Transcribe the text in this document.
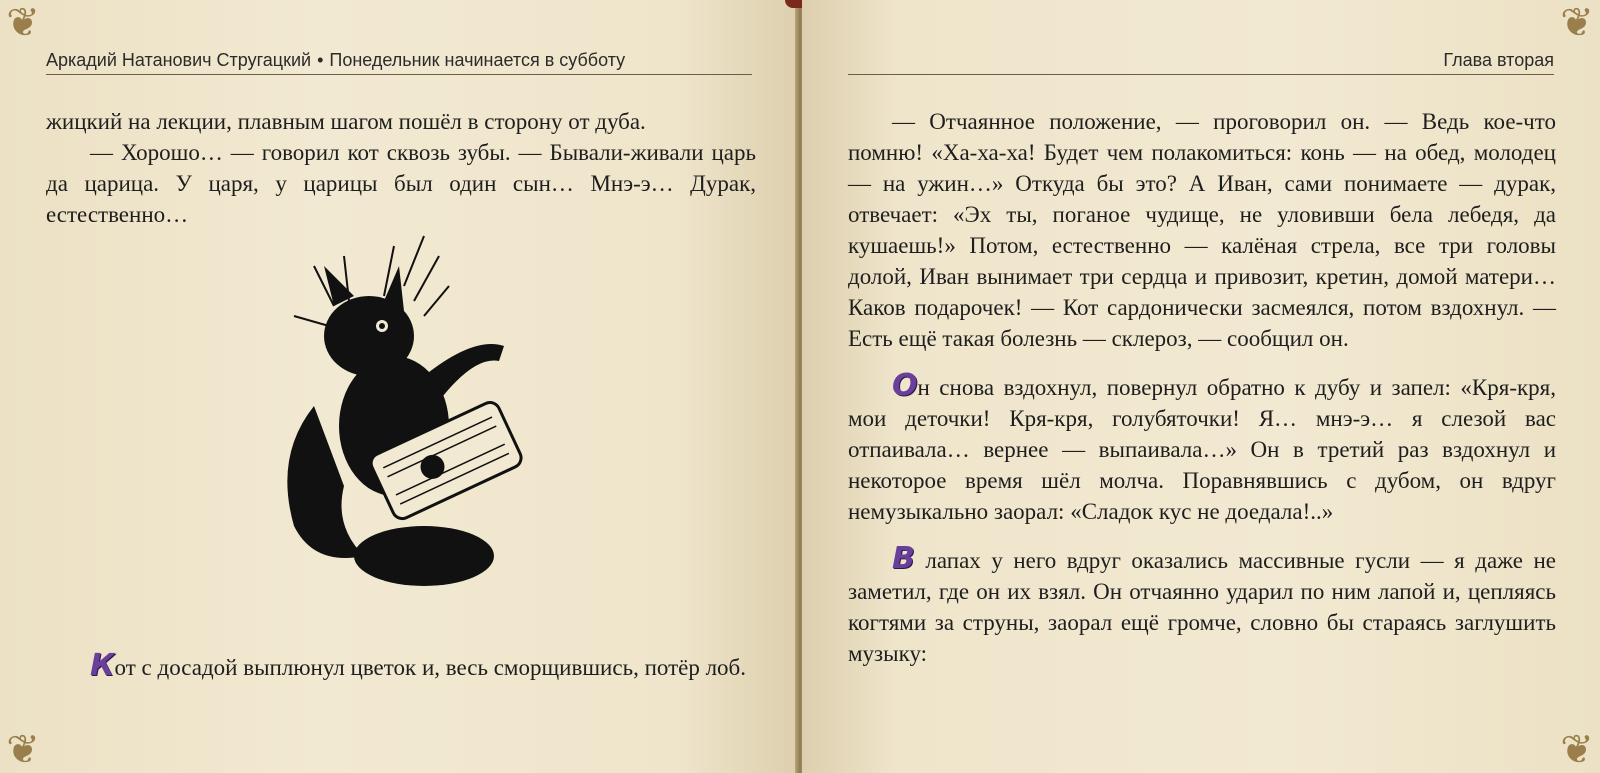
❦
❦
Аркадий Натанович Стругацкий • Понедельник начинается в субботу

жицкий на лекции, плавным шагом пошёл в сторону от дуба.

— Хорошо… — говорил кот сквозь зубы. — Бывали-живали царь да царица. У царя, у царицы был один сын… Мнэ-э… Дурак, естественно…

Кот с досадой выплюнул цветок и, весь сморщившись, потёр лоб.

❦
❦
Глава вторая

— Отчаянное положение, — проговорил он. — Ведь кое-что помню! «Ха-ха-ха! Будет чем полакомиться: конь — на обед, молодец — на ужин…» Откуда бы это? А Иван, сами понимаете — дурак, отвечает: «Эх ты, поганое чудище, не уловивши бела лебедя, да кушаешь!» Потом, естественно — калёная стрела, все три головы долой, Иван вынимает три сердца и привозит, кретин, домой матери… Каков подарочек! — Кот сардонически засмеялся, потом вздохнул. — Есть ещё такая болезнь — склероз, — сообщил он.

Он снова вздохнул, повернул обратно к дубу и запел: «Кря-кря, мои деточки! Кря-кря, голубяточки! Я… мнэ-э… я слезой вас отпаивала… вернее — выпаивала…» Он в третий раз вздохнул и некоторое время шёл молча. Поравнявшись с дубом, он вдруг немузыкально заорал: «Сладок кус не доедала!..»

В лапах у него вдруг оказались массивные гусли — я даже не заметил, где он их взял. Он отчаянно ударил по ним лапой и, цепляясь когтями за струны, заорал ещё громче, словно бы стараясь заглушить музыку:
